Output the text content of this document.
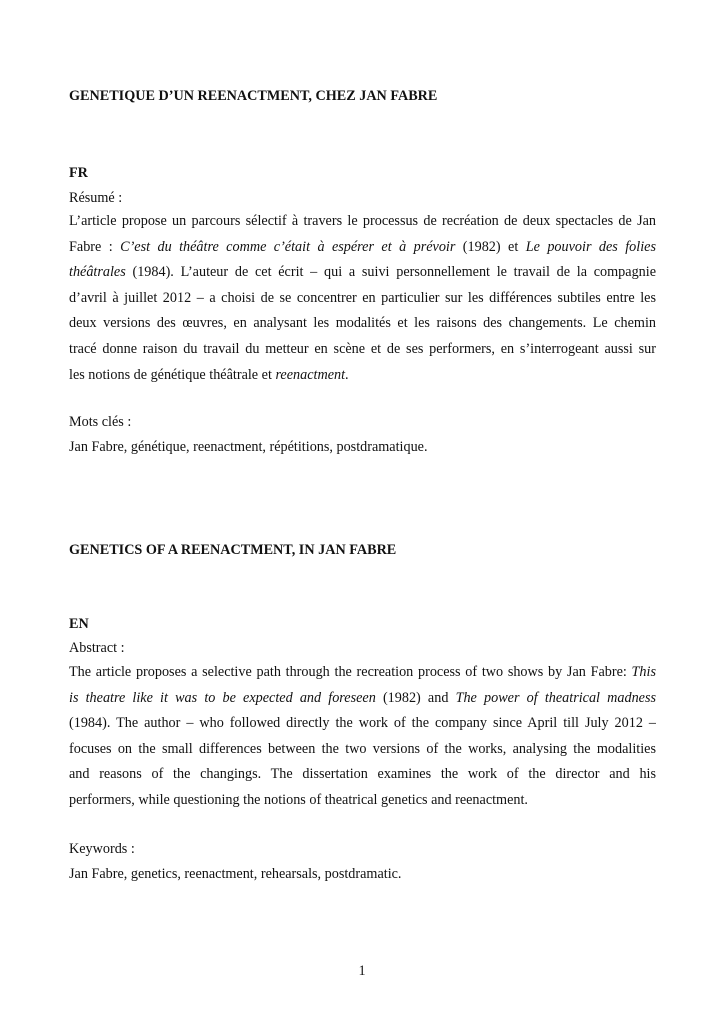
GENETIQUE D’UN REENACTMENT, CHEZ JAN FABRE
FR
Résumé :
L’article propose un parcours sélectif à travers le processus de recréation de deux spectacles de Jan
Fabre : C’est du théâtre comme c’était à espérer et à prévoir (1982) et Le pouvoir des folies
théâtrales (1984). L’auteur de cet écrit – qui a suivi personnellement le travail de la compagnie
d’avril à juillet 2012 – a choisi de se concentrer en particulier sur les différences subtiles entre les
deux versions des œuvres, en analysant les modalités et les raisons des changements. Le chemin
tracé donne raison du travail du metteur en scène et de ses performers, en s’interrogeant aussi sur
les notions de génétique théâtrale et reenactment.
Mots clés :
Jan Fabre, génétique, reenactment, répétitions, postdramatique.
GENETICS OF A REENACTMENT, IN JAN FABRE
EN
Abstract :
The article proposes a selective path through the recreation process of two shows by Jan Fabre: This
is theatre like it was to be expected and foreseen (1982) and The power of theatrical madness
(1984). The author – who followed directly the work of the company since April till July 2012 –
focuses on the small differences between the two versions of the works, analysing the modalities
and reasons of the changings. The dissertation examines the work of the director and his
performers, while questioning the notions of theatrical genetics and reenactment.
Keywords :
Jan Fabre, genetics, reenactment, rehearsals, postdramatic.
1
